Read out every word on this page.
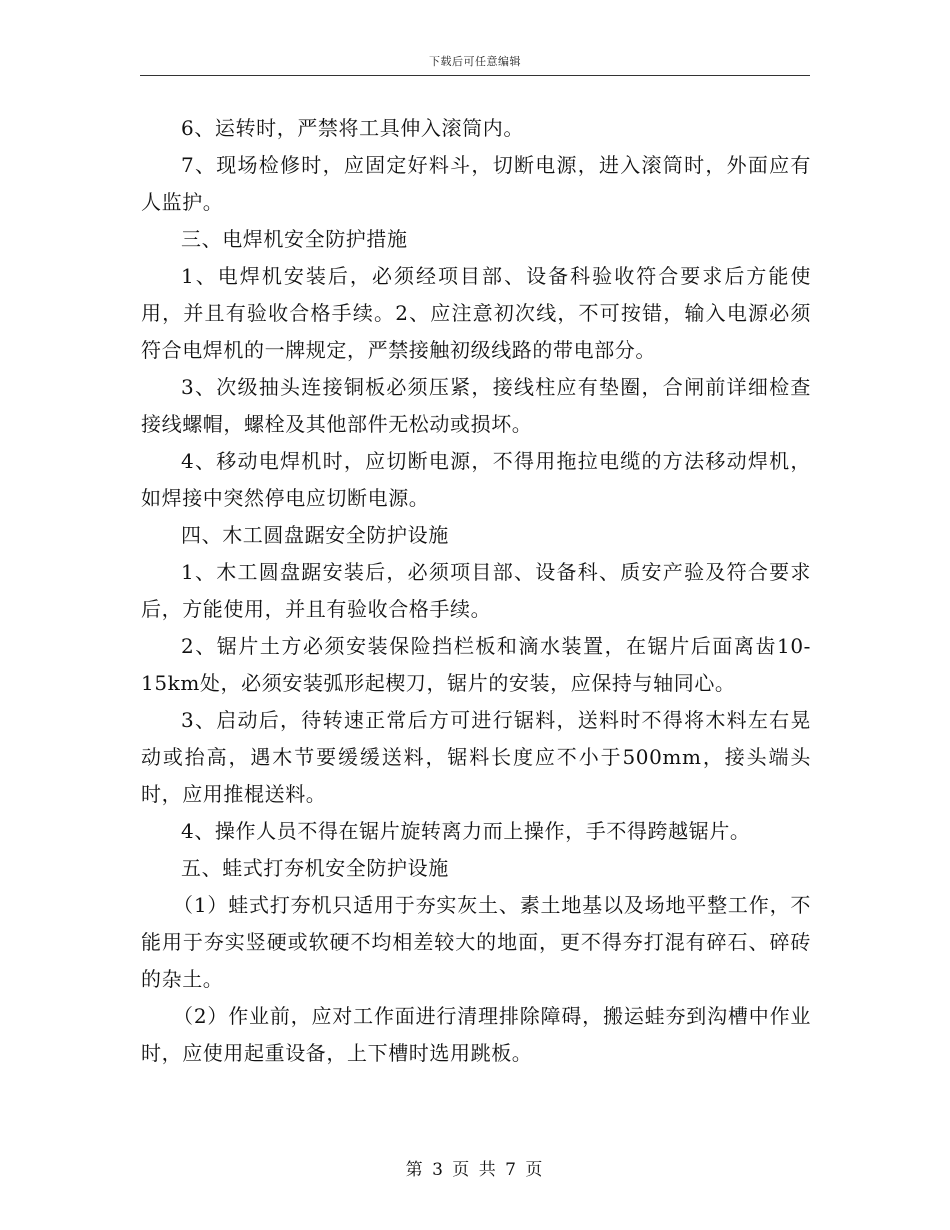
下载后可任意编辑

6、运转时，严禁将工具伸入滚筒内。

7、现场检修时，应固定好料斗，切断电源，进入滚筒时，外面应有人监护。

三、电焊机安全防护措施

1、电焊机安装后，必须经项目部、设备科验收符合要求后方能使用，并且有验收合格手续。2、应注意初次线，不可按错，输入电源必须符合电焊机的一牌规定，严禁接触初级线路的带电部分。

3、次级抽头连接铜板必须压紧，接线柱应有垫圈，合闸前详细检查接线螺帽，螺栓及其他部件无松动或损坏。

4、移动电焊机时，应切断电源，不得用拖拉电缆的方法移动焊机，如焊接中突然停电应切断电源。

四、木工圆盘踞安全防护设施

1、木工圆盘踞安装后，必须项目部、设备科、质安产验及符合要求后，方能使用，并且有验收合格手续。

2、锯片土方必须安装保险挡栏板和滴水装置，在锯片后面离齿10-15km处，必须安装弧形起楔刀，锯片的安装，应保持与轴同心。

3、启动后，待转速正常后方可进行锯料，送料时不得将木料左右晃动或抬高，遇木节要缓缓送料，锯料长度应不小于500mm，接头端头时，应用推棍送料。

4、操作人员不得在锯片旋转离力而上操作，手不得跨越锯片。

五、蛙式打夯机安全防护设施

（1）蛙式打夯机只适用于夯实灰土、素土地基以及场地平整工作，不能用于夯实竖硬或软硬不均相差较大的地面，更不得夯打混有碎石、碎砖的杂土。

（2）作业前，应对工作面进行清理排除障碍，搬运蛙夯到沟槽中作业时，应使用起重设备，上下槽时选用跳板。

第 3 页 共 7 页
